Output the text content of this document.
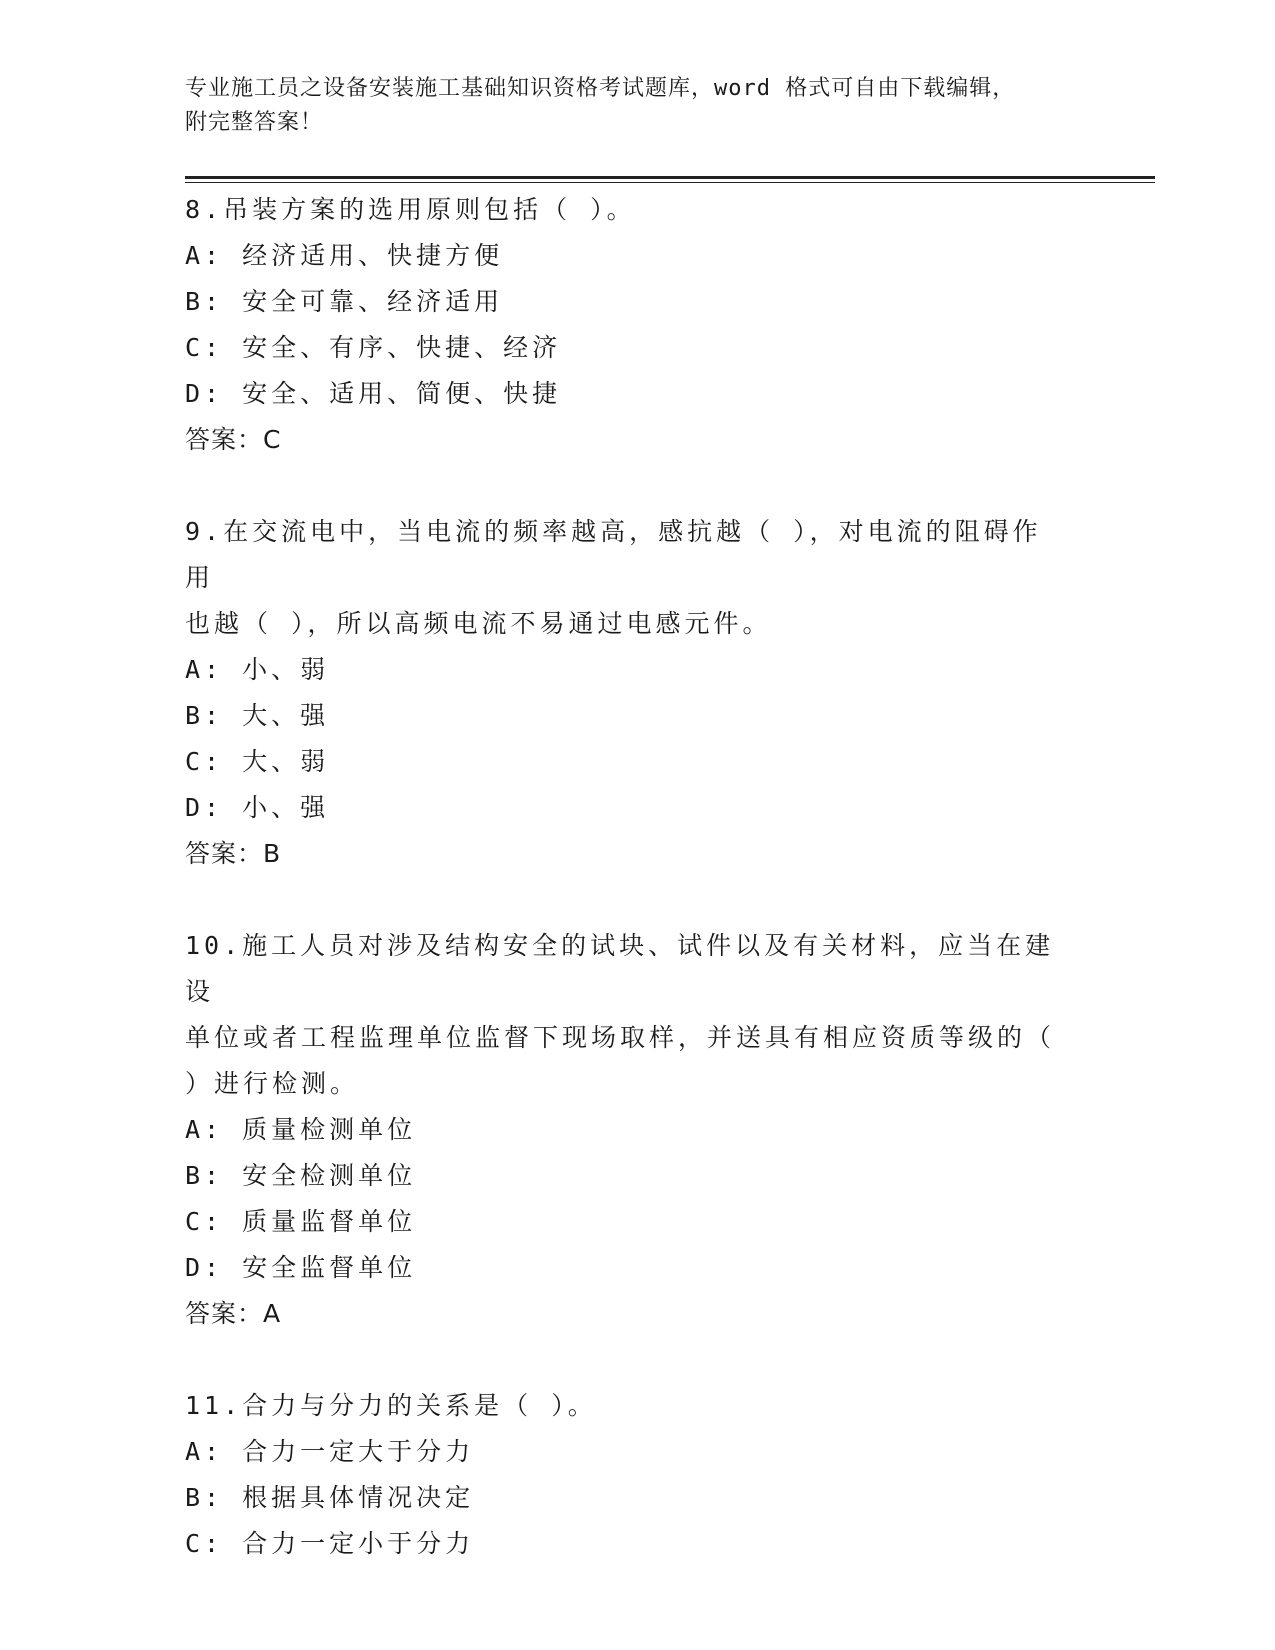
专业施工员之设备安装施工基础知识资格考试题库，word 格式可自由下载编辑，
附完整答案！
8.吊装方案的选用原则包括（ ）。
A: 经济适用、快捷方便
B: 安全可靠、经济适用
C: 安全、有序、快捷、经济
D: 安全、适用、简便、快捷
答案：C
9.在交流电中，当电流的频率越高，感抗越（ ），对电流的阻碍作用
也越（ ），所以高频电流不易通过电感元件。
A: 小、弱
B: 大、强
C: 大、弱
D: 小、强
答案：B
10.施工人员对涉及结构安全的试块、试件以及有关材料，应当在建设
单位或者工程监理单位监督下现场取样，并送具有相应资质等级的（
）进行检测。
A: 质量检测单位
B: 安全检测单位
C: 质量监督单位
D: 安全监督单位
答案：A
11.合力与分力的关系是（ ）。
A: 合力一定大于分力
B: 根据具体情况决定
C: 合力一定小于分力
